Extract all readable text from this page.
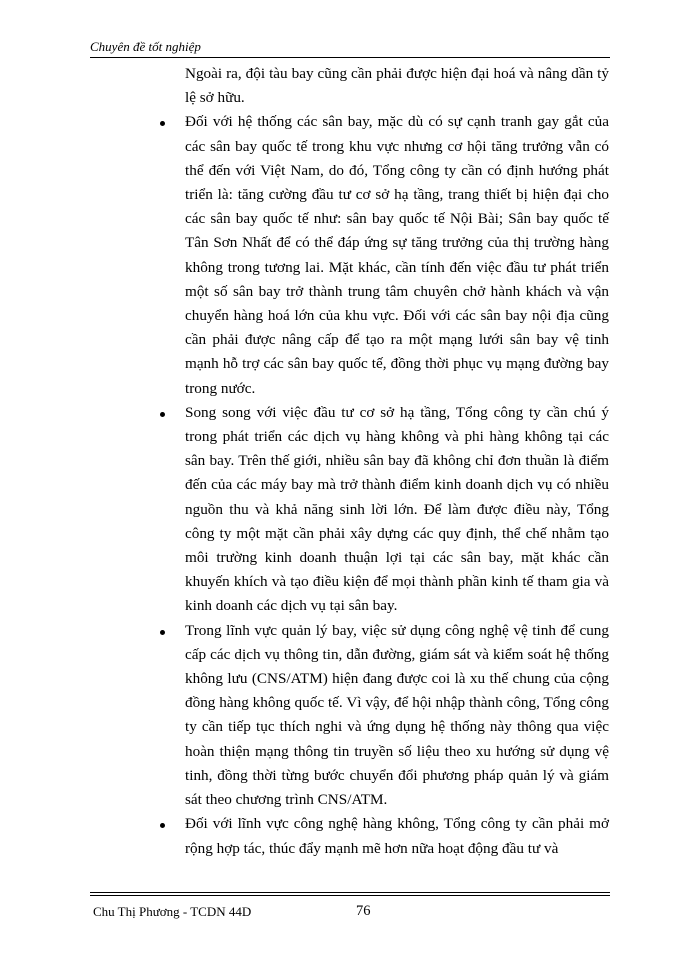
Chuyên đề tốt nghiệp

Ngoài ra, đội tàu bay cũng cần phải được hiện đại hoá và nâng dần tỷ lệ sở hữu.

Đối với hệ thống các sân bay, mặc dù có sự cạnh tranh gay gắt của các sân bay quốc tế trong khu vực nhưng cơ hội tăng trưởng vẫn có thể đến với Việt Nam, do đó, Tổng công ty cần có định hướng phát triển là: tăng cường đầu tư cơ sở hạ tầng, trang thiết bị hiện đại cho các sân bay quốc tế như: sân bay quốc tế Nội Bài; Sân bay quốc tế Tân Sơn Nhất để có thể đáp ứng sự tăng trưởng của thị trường hàng không trong tương lai. Mặt khác, cần tính đến việc đầu tư phát triển một số sân bay trở thành trung tâm chuyên chở hành khách và vận chuyển hàng hoá lớn của khu vực. Đối với các sân bay nội địa cũng cần phải được nâng cấp để tạo ra một mạng lưới sân bay vệ tinh mạnh hỗ trợ các sân bay quốc tế, đồng thời phục vụ mạng đường bay trong nước.

Song song với việc đầu tư cơ sở hạ tầng, Tổng công ty cần chú ý trong phát triển các dịch vụ hàng không và phi hàng không tại các sân bay. Trên thế giới, nhiều sân bay đã không chỉ đơn thuần là điểm đến của các máy bay mà trở thành điểm kinh doanh dịch vụ có nhiều nguồn thu và khả năng sinh lời lớn. Để làm được điều này, Tổng công ty một mặt cần phải xây dựng các quy định, thể chế nhằm tạo môi trường kinh doanh thuận lợi tại các sân bay, mặt khác cần khuyến khích và tạo điều kiện để mọi thành phần kinh tế tham gia và kinh doanh các dịch vụ tại sân bay.

Trong lĩnh vực quản lý bay, việc sử dụng công nghệ vệ tinh để cung cấp các dịch vụ thông tin, dẫn đường, giám sát và kiểm soát hệ thống không lưu (CNS/ATM) hiện đang được coi là xu thế chung của cộng đồng hàng không quốc tế. Vì vậy, để hội nhập thành công, Tổng công ty cần tiếp tục thích nghi và ứng dụng hệ thống này thông qua việc hoàn thiện mạng thông tin truyền số liệu theo xu hướng sử dụng vệ tinh, đồng thời từng bước chuyển đổi phương pháp quản lý và giám sát theo chương trình CNS/ATM.

Đối với lĩnh vực công nghệ hàng không, Tổng công ty cần phải mở rộng hợp tác, thúc đẩy mạnh mẽ hơn nữa hoạt động đầu tư và

Chu Thị Phương - TCDN 44D	76
